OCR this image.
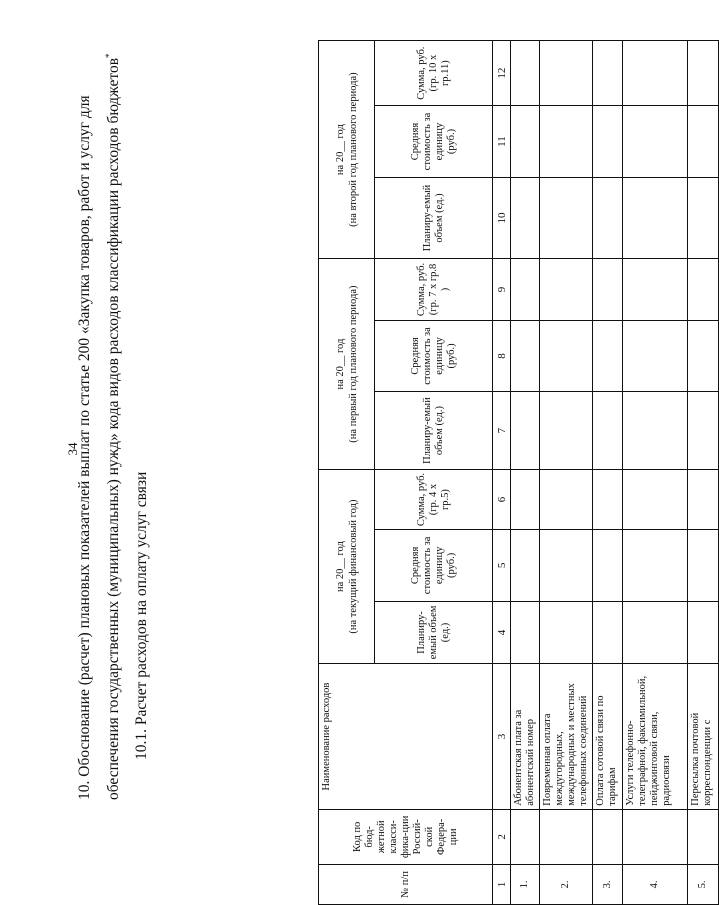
34
10. Обоснование (расчет) плановых показателей выплат по статье 200 «Закупка товаров, работ и услуг для обеспечения государственных (муниципальных) нужд» кода видов расходов классификации расходов бюджетов*
10.1. Расчет расходов на оплату услуг связи
№ п/п	Код по бюд-жетной класси-фика-ции Россий-ской Федера-ции	Наименование расходов	на 20__ год (на текущий финансовый год)			на 20__ год (на первый год планового периода)			на 20__ год (на второй год планового периода)		
			Планиру-емый объем (ед.)	Средняя стоимость за единицу (руб.)	Сумма, руб. (гр. 4 х гр.5)	Планиру-емый объем (ед.)	Средняя стоимость за единицу (руб.)	Сумма, руб. (гр. 7 х гр.8 )	Планиру-емый объем (ед.)	Средняя стоимость за единицу (руб.)	Сумма, руб. (гр. 10 х гр.11)
1	2	3	4	5	6	7	8	9	10	11	12
1.		Абонентская плата за абонентский номер									
2.		Повременная оплата междугородных, международных и местных телефонных соединений									
3.		Оплата сотовой связи по тарифам									
4.		Услуги телефонно-телеграфной, факсимильной, пейджинговой связи, радиосвязи									
5.		Пересылка почтовой корреспонденции с									
